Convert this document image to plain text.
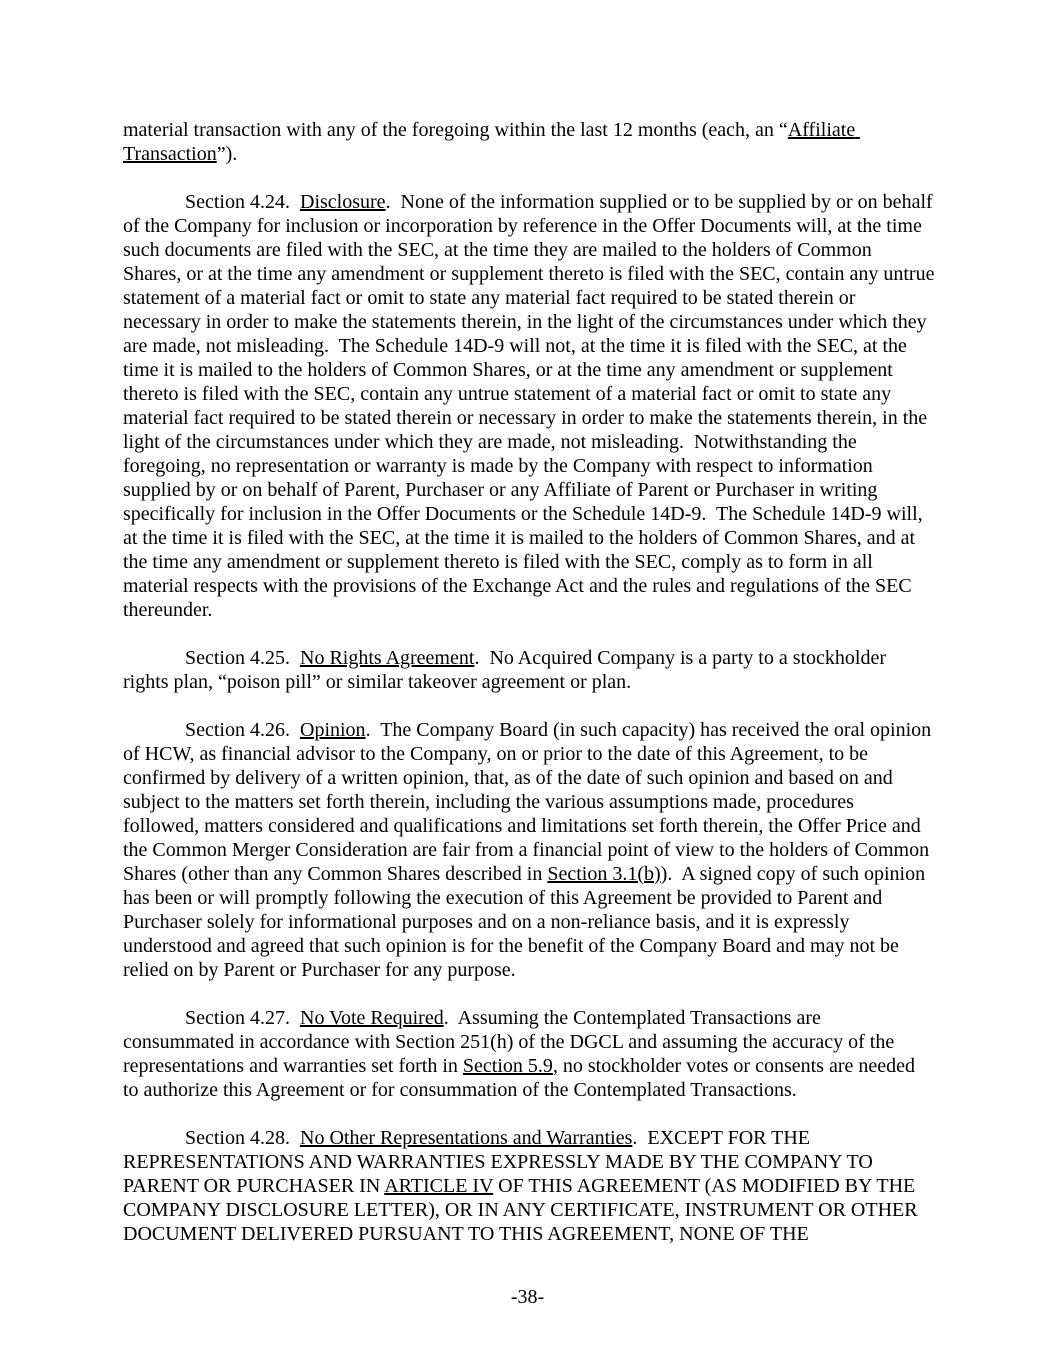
material transaction with any of the foregoing within the last 12 months (each, an “Affiliate Transaction”).

Section 4.24.  Disclosure.  None of the information supplied or to be supplied by or on behalf of the Company for inclusion or incorporation by reference in the Offer Documents will, at the time such documents are filed with the SEC, at the time they are mailed to the holders of Common Shares, or at the time any amendment or supplement thereto is filed with the SEC, contain any untrue statement of a material fact or omit to state any material fact required to be stated therein or necessary in order to make the statements therein, in the light of the circumstances under which they are made, not misleading.  The Schedule 14D-9 will not, at the time it is filed with the SEC, at the time it is mailed to the holders of Common Shares, or at the time any amendment or supplement thereto is filed with the SEC, contain any untrue statement of a material fact or omit to state any material fact required to be stated therein or necessary in order to make the statements therein, in the light of the circumstances under which they are made, not misleading.  Notwithstanding the foregoing, no representation or warranty is made by the Company with respect to information supplied by or on behalf of Parent, Purchaser or any Affiliate of Parent or Purchaser in writing specifically for inclusion in the Offer Documents or the Schedule 14D-9.  The Schedule 14D-9 will, at the time it is filed with the SEC, at the time it is mailed to the holders of Common Shares, and at the time any amendment or supplement thereto is filed with the SEC, comply as to form in all material respects with the provisions of the Exchange Act and the rules and regulations of the SEC thereunder.

Section 4.25.  No Rights Agreement.  No Acquired Company is a party to a stockholder rights plan, “poison pill” or similar takeover agreement or plan.

Section 4.26.  Opinion.  The Company Board (in such capacity) has received the oral opinion of HCW, as financial advisor to the Company, on or prior to the date of this Agreement, to be confirmed by delivery of a written opinion, that, as of the date of such opinion and based on and subject to the matters set forth therein, including the various assumptions made, procedures followed, matters considered and qualifications and limitations set forth therein, the Offer Price and the Common Merger Consideration are fair from a financial point of view to the holders of Common Shares (other than any Common Shares described in Section 3.1(b)).  A signed copy of such opinion has been or will promptly following the execution of this Agreement be provided to Parent and Purchaser solely for informational purposes and on a non-reliance basis, and it is expressly understood and agreed that such opinion is for the benefit of the Company Board and may not be relied on by Parent or Purchaser for any purpose.

Section 4.27.  No Vote Required.  Assuming the Contemplated Transactions are consummated in accordance with Section 251(h) of the DGCL and assuming the accuracy of the representations and warranties set forth in Section 5.9, no stockholder votes or consents are needed to authorize this Agreement or for consummation of the Contemplated Transactions.

Section 4.28.  No Other Representations and Warranties.  EXCEPT FOR THE REPRESENTATIONS AND WARRANTIES EXPRESSLY MADE BY THE COMPANY TO PARENT OR PURCHASER IN ARTICLE IV OF THIS AGREEMENT (AS MODIFIED BY THE COMPANY DISCLOSURE LETTER), OR IN ANY CERTIFICATE, INSTRUMENT OR OTHER DOCUMENT DELIVERED PURSUANT TO THIS AGREEMENT, NONE OF THE

-38-
